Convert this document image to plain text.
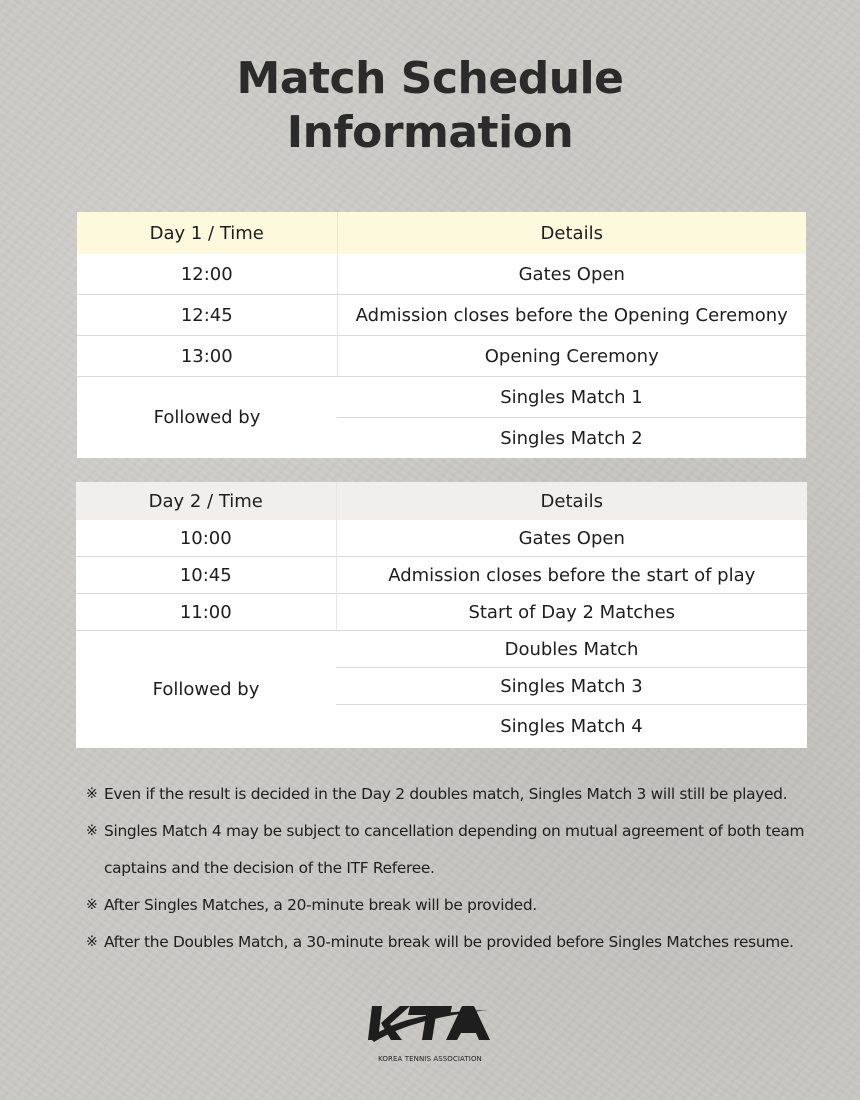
Match Schedule
Information
Day 1 / Time	Details
12:00	Gates Open
12:45	Admission closes before the Opening Ceremony
13:00	Opening Ceremony
Followed by	Singles Match 1
	Singles Match 2
Day 2 / Time	Details
10:00	Gates Open
10:45	Admission closes before the start of play
11:00	Start of Day 2 Matches
Followed by	Doubles Match
	Singles Match 3
	Singles Match 4
※ Even if the result is decided in the Day 2 doubles match, Singles Match 3 will still be played.
※ Singles Match 4 may be subject to cancellation depending on mutual agreement of both team captains and the decision of the ITF Referee.
※ After Singles Matches, a 20-minute break will be provided.
※ After the Doubles Match, a 30-minute break will be provided before Singles Matches resume.
KOREA TENNIS ASSOCIATION
